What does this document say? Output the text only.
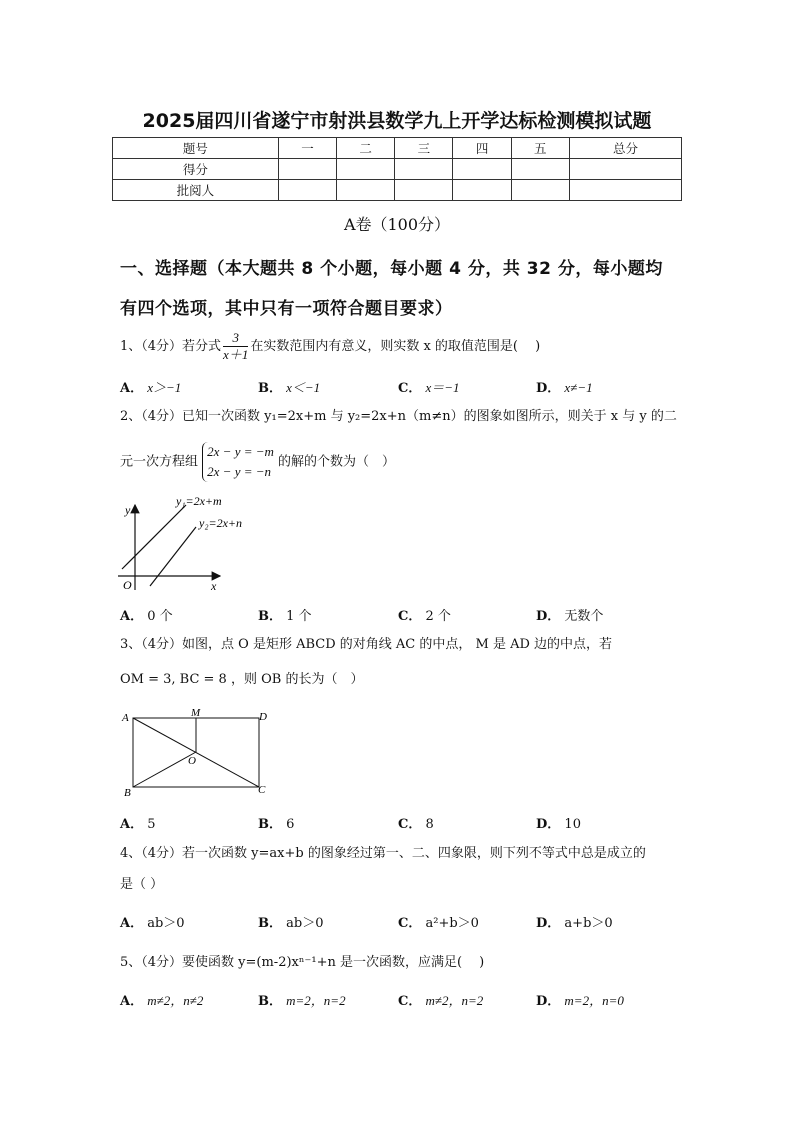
2025届四川省遂宁市射洪县数学九上开学达标检测模拟试题
题号	一	二	三	四	五	总分
得分						
批阅人						
A卷（100分）
一、选择题（本大题共 8 个小题，每小题 4 分，共 32 分，每小题均
有四个选项，其中只有一项符合题目要求）
1、（4分）若分式 $\frac{3}{x+1}$ 在实数范围内有意义，则实数 x 的取值范围是(　 )
A． x＞−1	B． x＜−1	C． x＝−1	D． x≠−1
2、（4分）已知一次函数 y₁=2x+m 与 y₂=2x+n（m≠n）的图象如图所示，则关于 x 与 y 的二
元一次方程组
2x − y = −m
2x − y = −n
的解的个数为（　）
y₁=2x+m
y₂=2x+n
x
y
O
A． 0 个	B． 1 个	C． 2 个	D． 无数个
3、（4分）如图，点 O 是矩形 ABCD 的对角线 AC 的中点， M 是 AD 边的中点，若
OM = 3, BC = 8 ，则 OB 的长为（　）
A	M	D
O
B	C
A． 5	B． 6	C． 8	D． 10
4、（4分）若一次函数 y=ax+b 的图象经过第一、二、四象限，则下列不等式中总是成立的
是（ ）
A． ab＞0	B． ab＞0	C． a²+b＞0	D． a+b＞0
5、（4分）要使函数 y=(m-2)xⁿ⁻¹+n 是一次函数，应满足(　 )
A． m≠2，n≠2	B． m=2，n=2	C． m≠2，n=2	D． m=2，n=0
